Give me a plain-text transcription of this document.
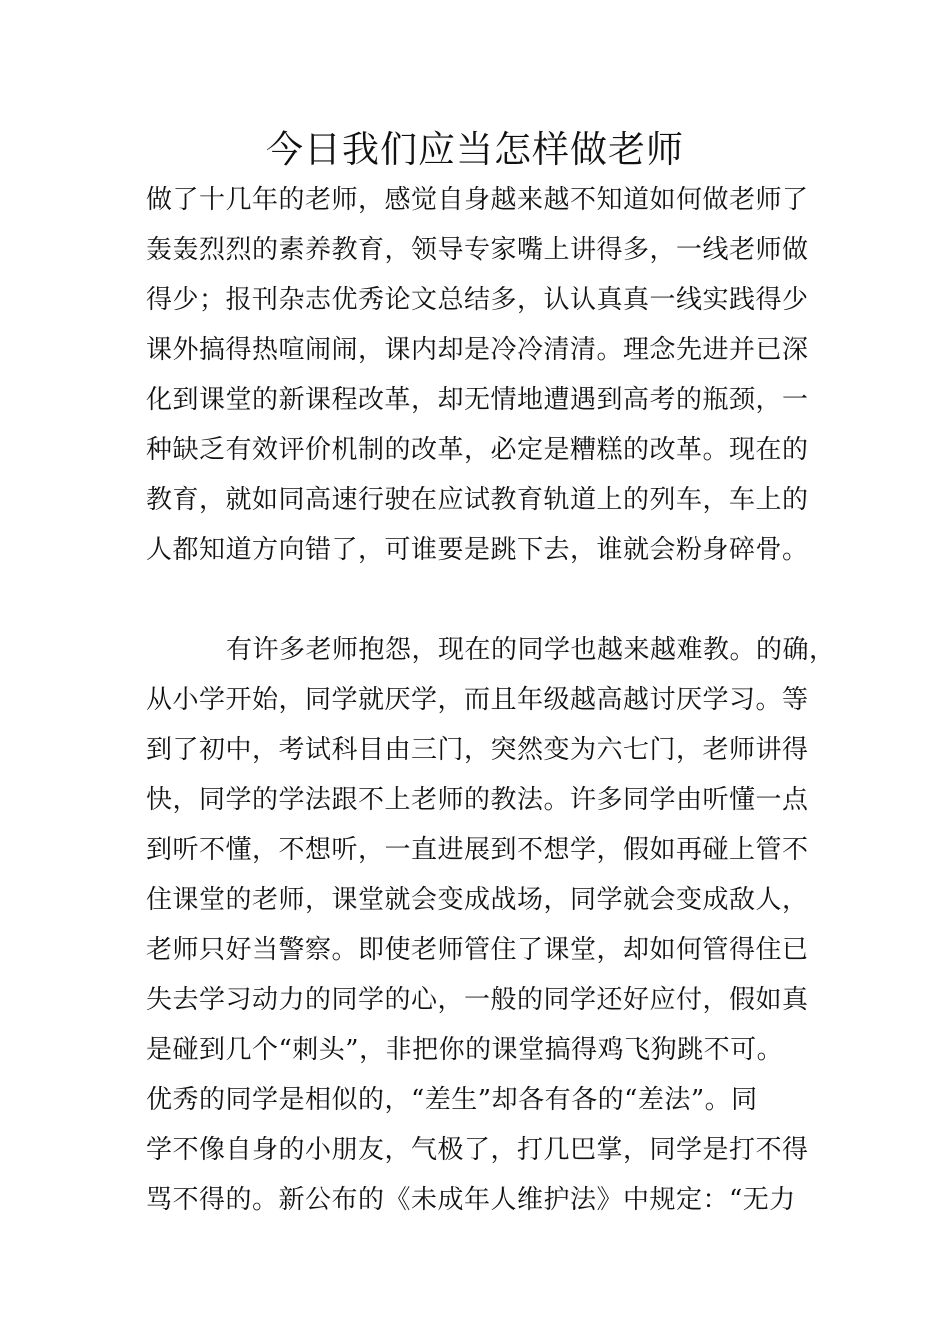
今日我们应当怎样做老师
做了十几年的老师，感觉自身越来越不知道如何做老师了
轰轰烈烈的素养教育，领导专家嘴上讲得多，一线老师做
得少；报刊杂志优秀论文总结多，认认真真一线实践得少
课外搞得热喧闹闹，课内却是冷冷清清。理念先进并已深
化到课堂的新课程改革，却无情地遭遇到高考的瓶颈，一
种缺乏有效评价机制的改革，必定是糟糕的改革。现在的
教育，就如同高速行驶在应试教育轨道上的列车，车上的
人都知道方向错了，可谁要是跳下去，谁就会粉身碎骨。
有许多老师抱怨，现在的同学也越来越难教。的确，
从小学开始，同学就厌学，而且年级越高越讨厌学习。等
到了初中，考试科目由三门，突然变为六七门，老师讲得
快，同学的学法跟不上老师的教法。许多同学由听懂一点
到听不懂，不想听，一直进展到不想学，假如再碰上管不
住课堂的老师，课堂就会变成战场，同学就会变成敌人，
老师只好当警察。即使老师管住了课堂，却如何管得住已
失去学习动力的同学的心，一般的同学还好应付，假如真
是碰到几个“刺头”，非把你的课堂搞得鸡飞狗跳不可。
优秀的同学是相似的，“差生”却各有各的“差法”。同
学不像自身的小朋友，气极了，打几巴掌，同学是打不得
骂不得的。新公布的《未成年人维护法》中规定：“无力
